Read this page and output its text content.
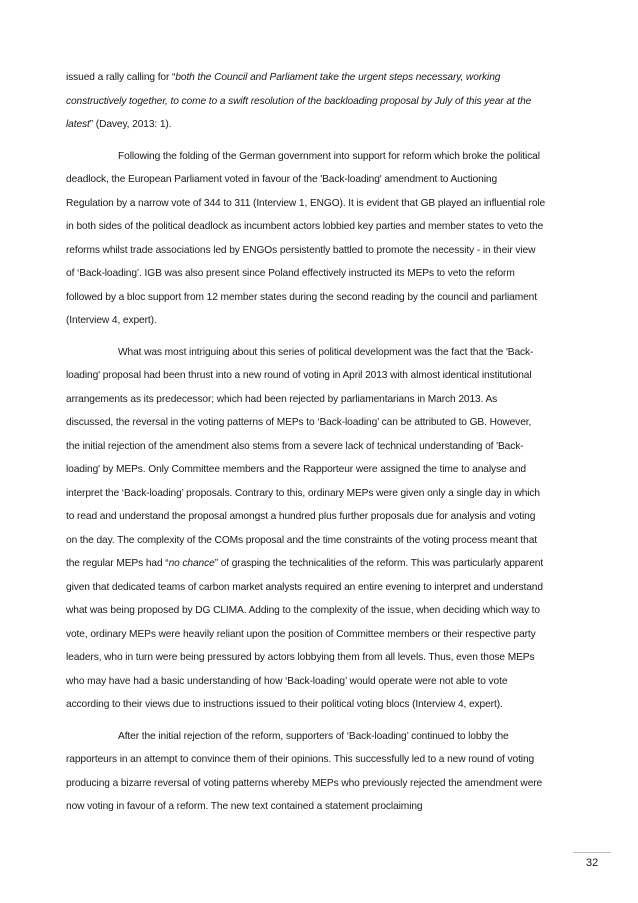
issued a rally calling for “both the Council and Parliament take the urgent steps necessary, working constructively together, to come to a swift resolution of the backloading proposal by July of this year at the latest” (Davey, 2013: 1).

Following the folding of the German government into support for reform which broke the political deadlock, the European Parliament voted in favour of the 'Back-loading' amendment to Auctioning Regulation by a narrow vote of 344 to 311 (Interview 1, ENGO). It is evident that GB played an influential role in both sides of the political deadlock as incumbent actors lobbied key parties and member states to veto the reforms whilst trade associations led by ENGOs persistently battled to promote the necessity - in their view of ‘Back-loading’. IGB was also present since Poland effectively instructed its MEPs to veto the reform followed by a bloc support from 12 member states during the second reading by the council and parliament (Interview 4, expert).

What was most intriguing about this series of political development was the fact that the 'Back-loading' proposal had been thrust into a new round of voting in April 2013 with almost identical institutional arrangements as its predecessor; which had been rejected by parliamentarians in March 2013. As discussed, the reversal in the voting patterns of MEPs to ‘Back-loading’ can be attributed to GB. However, the initial rejection of the amendment also stems from a severe lack of technical understanding of 'Back-loading' by MEPs. Only Committee members and the Rapporteur were assigned the time to analyse and interpret the ‘Back-loading’ proposals. Contrary to this, ordinary MEPs were given only a single day in which to read and understand the proposal amongst a hundred plus further proposals due for analysis and voting on the day. The complexity of the COMs proposal and the time constraints of the voting process meant that the regular MEPs had “no chance” of grasping the technicalities of the reform. This was particularly apparent given that dedicated teams of carbon market analysts required an entire evening to interpret and understand what was being proposed by DG CLIMA. Adding to the complexity of the issue, when deciding which way to vote, ordinary MEPs were heavily reliant upon the position of Committee members or their respective party leaders, who in turn were being pressured by actors lobbying them from all levels. Thus, even those MEPs who may have had a basic understanding of how ‘Back-loading’ would operate were not able to vote according to their views due to instructions issued to their political voting blocs (Interview 4, expert).

After the initial rejection of the reform, supporters of ‘Back-loading’ continued to lobby the rapporteurs in an attempt to convince them of their opinions. This successfully led to a new round of voting producing a bizarre reversal of voting patterns whereby MEPs who previously rejected the amendment were now voting in favour of a reform. The new text contained a statement proclaiming

32
